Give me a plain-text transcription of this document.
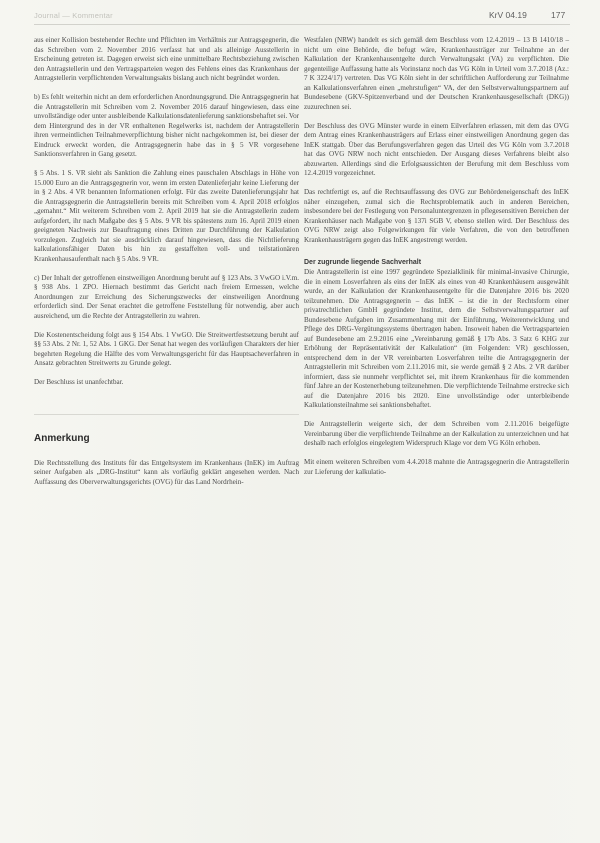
Journal — Kommentar	KrV 04.19	177

aus einer Kollision bestehender Rechte und Pflichten im Verhältnis zur Antragsgegnerin, die das Schreiben vom 2. November 2016 verfasst hat und als alleinige Ausstellerin in Erscheinung getreten ist. Dagegen erweist sich eine unmittelbare Rechtsbeziehung zwischen den Antragstellerin und den Vertragsparteien wegen des Fehlens eines das Krankenhaus der Antragstellerin verpflichtenden Verwaltungsakts bislang auch nicht begründet worden.

b) Es fehlt weiterhin nicht an dem erforderlichen Anordnungsgrund. Die Antragsgegnerin hat die Antragstellerin mit Schreiben vom 2. November 2016 darauf hingewiesen, dass eine unvollständige oder unter ausbleibende Kalkulationsdatenlieferung sanktionsbehaftet sei. Vor dem Hintergrund des in der VR enthaltenen Regelwerks ist, nachdem der Antragstellerin ihren vermeintlichen Teilnahmeverpflichtung bisher nicht nachgekommen ist, bei dieser der Eindruck erweckt worden, die Antragsgegnerin habe das in § 5 VR vorgesehene Sanktionsverfahren in Gang gesetzt.

§ 5 Abs. 1 S. VR sieht als Sanktion die Zahlung eines pauschalen Abschlags in Höhe von 15.000 Euro an die Antragsgegnerin vor, wenn im ersten Datenlieferjahr keine Lieferung der in § 2 Abs. 4 VR benannten Informationen erfolgt. Für das zweite Datenlieferungsjahr hat die Antragsgegnerin die Antragstellerin bereits mit Schreiben vom 4. April 2018 erfolglos „gemahnt.“ Mit weiterem Schreiben vom 2. April 2019 hat sie die Antragstellerin zudem aufgefordert, ihr nach Maßgabe des § 5 Abs. 9 VR bis spätestens zum 16. April 2019 einen geeigneten Nachweis zur Beauftragung eines Dritten zur Durchführung der Kalkulation vorzulegen. Zugleich hat sie ausdrücklich darauf hingewiesen, dass die Nichtlieferung kalkulationsfähiger Daten bis hin zu gestaffelten voll- und teilstationären Krankenhausaufenthalt nach § 5 Abs. 9 VR.

c) Der Inhalt der getroffenen einstweiligen Anordnung beruht auf § 123 Abs. 3 VwGO i.V.m. § 938 Abs. 1 ZPO. Hiernach bestimmt das Gericht nach freiem Ermessen, welche Anordnungen zur Erreichung des Sicherungszwecks der einstweiligen Anordnung erforderlich sind. Der Senat erachtet die getroffene Feststellung für notwendig, aber auch ausreichend, um die Rechte der Antragstellerin zu wahren.

Die Kostenentscheidung folgt aus § 154 Abs. 1 VwGO. Die Streitwertfestsetzung beruht auf §§ 53 Abs. 2 Nr. 1, 52 Abs. 1 GKG. Der Senat hat wegen des vorläufigen Charakters der hier begehrten Regelung die Hälfte des vom Verwaltungsgericht für das Hauptsacheverfahren in Ansatz gebrachten Streitwerts zu Grunde gelegt.

Der Beschluss ist unanfechtbar.

Anmerkung

Die Rechtsstellung des Instituts für das Entgeltsystem im Krankenhaus (InEK) im Auftrag seiner Aufgaben als „DRG-Institut“ kann als vorläufig geklärt angesehen werden. Nach Auffassung des Oberverwaltungsgerichts (OVG) für das Land Nordrhein-

Westfalen (NRW) handelt es sich gemäß dem Beschluss vom 12.4.2019 – 13 B 1410/18 – nicht um eine Behörde, die befugt wäre, Krankenhausträger zur Teilnahme an der Kalkulation der Krankenhausentgelte durch Verwaltungsakt (VA) zu verpflichten. Die gegenteilige Auffassung hatte als Vorinstanz noch das VG Köln in Urteil vom 3.7.2018 (Az.: 7 K 3224/17) vertreten. Das VG Köln sieht in der schriftlichen Aufforderung zur Teilnahme an Kalkulationsverfahren einen „mehrstufigen“ VA, der den Selbstverwaltungspartnern auf Bundesebene (GKV-Spitzenverband und der Deutschen Krankenhausgesellschaft (DKG)) zuzurechnen sei.

Der Beschluss des OVG Münster wurde in einem Eilverfahren erlassen, mit dem das OVG dem Antrag eines Krankenhausträgers auf Erlass einer einstweiligen Anordnung gegen das InEK stattgab. Über das Berufungsverfahren gegen das Urteil des VG Köln vom 3.7.2018 hat das OVG NRW noch nicht entschieden. Der Ausgang dieses Verfahrens bleibt also abzuwarten. Allerdings sind die Erfolgsaussichten der Berufung mit dem Beschluss vom 12.4.2019 vorgezeichnet.

Das rechtfertigt es, auf die Rechtsauffassung des OVG zur Behördeneigenschaft des InEK näher einzugehen, zumal sich die Rechtsproblematik auch in anderen Bereichen, insbesondere bei der Festlegung von Personaluntergrenzen in pflegesensitiven Bereichen der Krankenhäuser nach Maßgabe von § 137i SGB V, ebenso stellen wird. Der Beschluss des OVG NRW zeigt also Folgewirkungen für viele Verfahren, die von den betroffenen Krankenhausträgern gegen das InEK angestrengt werden.

Der zugrunde liegende Sachverhalt

Die Antragstellerin ist eine 1997 gegründete Spezialklinik für minimal-invasive Chirurgie, die in einem Losverfahren als eins der InEK als eines von 40 Krankenhäusern ausgewählt wurde, an der Kalkulation der Krankenhausentgelte für die Datenjahre 2016 bis 2020 teilzunehmen. Die Antragsgegnerin – das InEK – ist die in der Rechtsform einer privatrechtlichen GmbH gegründete Institut, dem die Selbstverwaltungspartner auf Bundesebene Aufgaben im Zusammenhang mit der Einführung, Weiterentwicklung und Pflege des DRG-Vergütungssystems übertragen haben. Insoweit haben die Vertragsparteien auf Bundesebene am 2.9.2016 eine „Vereinbarung gemäß § 17b Abs. 3 Satz 6 KHG zur Erhöhung der Repräsentativität der Kalkulation“ (im Folgenden: VR) geschlossen, entsprechend dem in der VR vereinbarten Losverfahren teilte die Antragsgegnerin der Antragstellerin mit Schreiben vom 2.11.2016 mit, sie werde gemäß § 2 Abs. 2 VR darüber informiert, dass sie nunmehr verpflichtet sei, mit ihrem Krankenhaus für die kommenden fünf Jahre an der Kostenerhebung teilzunehmen. Die verpflichtende Teilnahme erstrecke sich auf die Datenjahre 2016 bis 2020. Eine unvollständige oder unterbleibende Kalkulationsteilnahme sei sanktionsbehaftet.

Die Antragstellerin weigerte sich, der dem Schreiben vom 2.11.2016 beigefügte Vereinbarung über die verpflichtende Teilnahme an der Kalkulation zu unterzeichnen und hat deshalb nach erfolglos eingelegtem Widerspruch Klage vor dem VG Köln erhoben.

Mit einem weiteren Schreiben vom 4.4.2018 mahnte die Antragsgegnerin die Antragstellerin zur Lieferung der kalkulatio-
